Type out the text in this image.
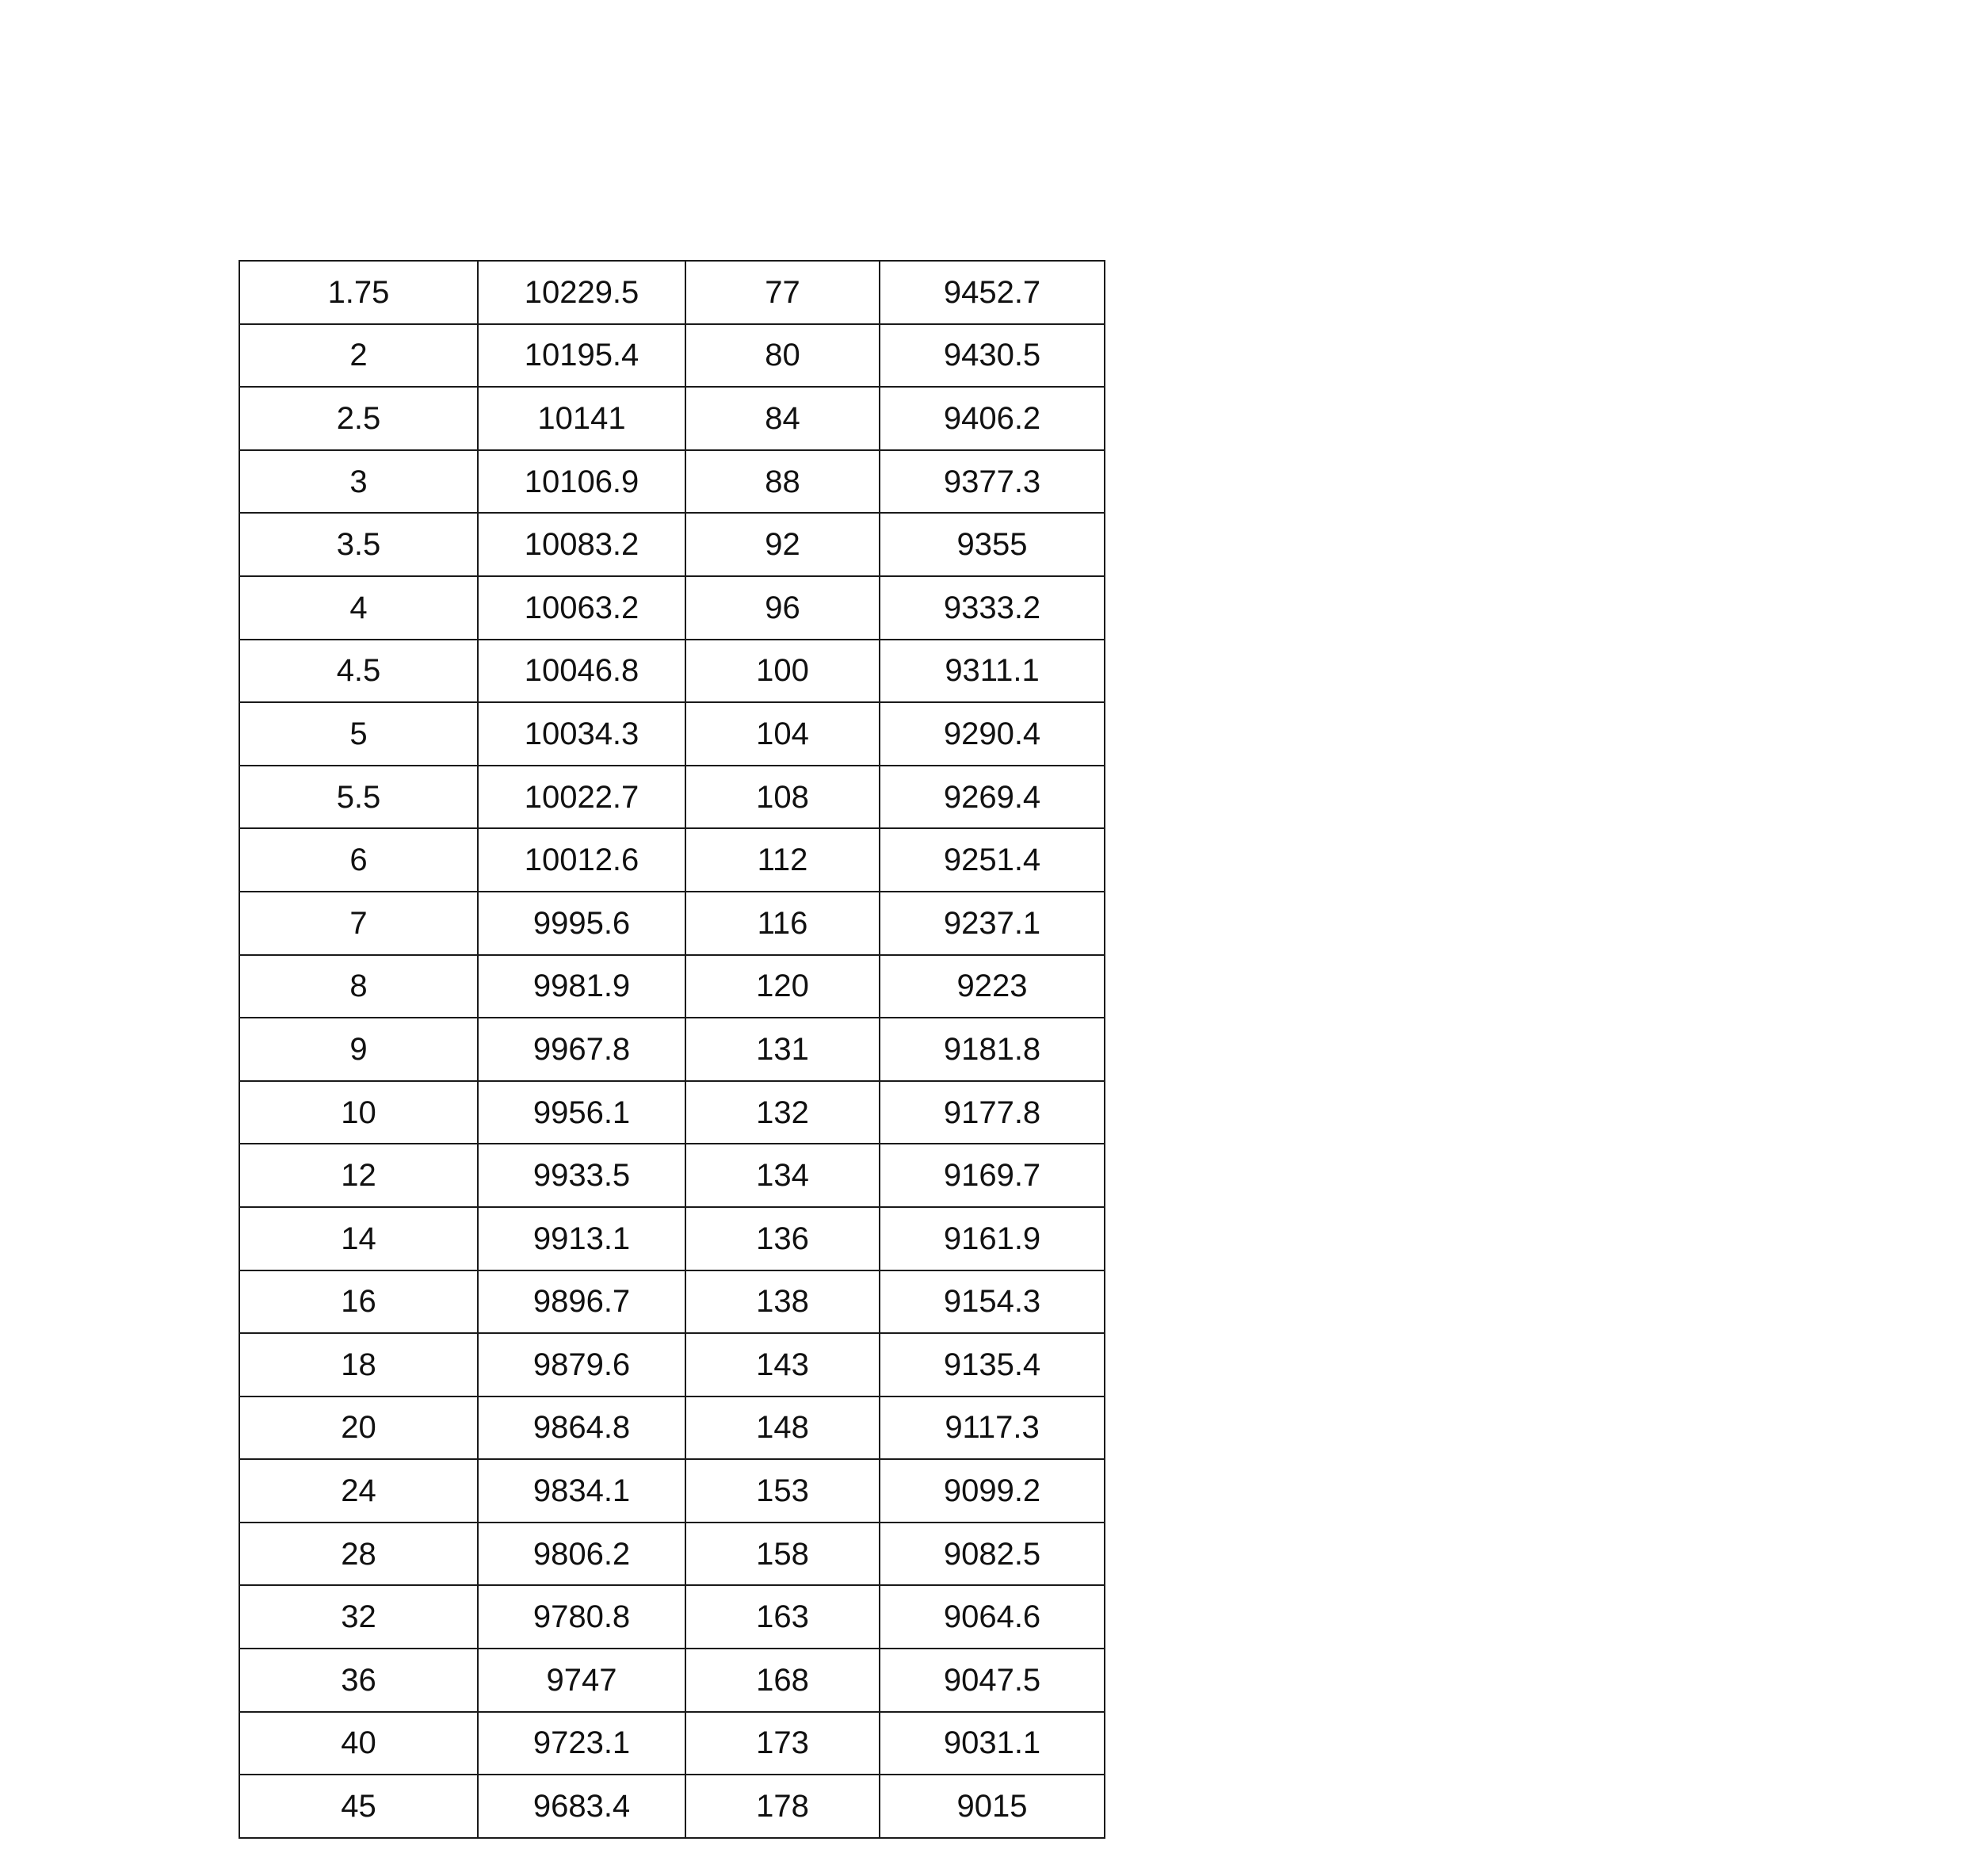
1.75	10229.5	77	9452.7
2	10195.4	80	9430.5
2.5	10141	84	9406.2
3	10106.9	88	9377.3
3.5	10083.2	92	9355
4	10063.2	96	9333.2
4.5	10046.8	100	9311.1
5	10034.3	104	9290.4
5.5	10022.7	108	9269.4
6	10012.6	112	9251.4
7	9995.6	116	9237.1
8	9981.9	120	9223
9	9967.8	131	9181.8
10	9956.1	132	9177.8
12	9933.5	134	9169.7
14	9913.1	136	9161.9
16	9896.7	138	9154.3
18	9879.6	143	9135.4
20	9864.8	148	9117.3
24	9834.1	153	9099.2
28	9806.2	158	9082.5
32	9780.8	163	9064.6
36	9747	168	9047.5
40	9723.1	173	9031.1
45	9683.4	178	9015
